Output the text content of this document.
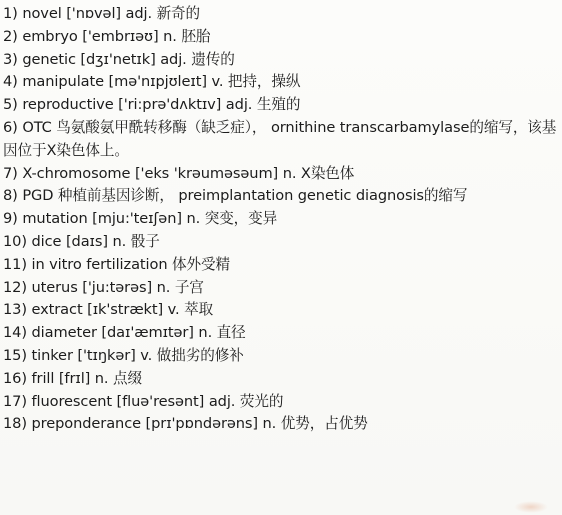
1) novel ['nɒvəl] adj. 新奇的
2) embryo ['embrɪəʊ] n. 胚胎
3) genetic [dʒɪ'netɪk] adj. 遗传的
4) manipulate [mə'nɪpjʊleɪt] v. 把持，操纵
5) reproductive ['ri:prə'dʌktɪv] adj. 生殖的
6) OTC 鸟氨酸氨甲酰转移酶（缺乏症）， ornithine transcarbamylase的缩写，该基因位于X染色体上。
7) X-chromosome ['eks 'krəuməsəum] n. X染色体
8) PGD 种植前基因诊断， preimplantation genetic diagnosis的缩写
9) mutation [mju:'teɪʃən] n. 突变，变异
10) dice [daɪs] n. 骰子
11) in vitro fertilization 体外受精
12) uterus ['ju:tərəs] n. 子宫
13) extract [ɪk'strækt] v. 萃取
14) diameter [daɪ'æmɪtər] n. 直径
15) tinker ['tɪŋkər] v. 做拙劣的修补
16) frill [frɪl] n. 点缀
17) fluorescent [fluə'resənt] adj. 荧光的
18) preponderance [prɪ'pɒndərəns] n. 优势，占优势
